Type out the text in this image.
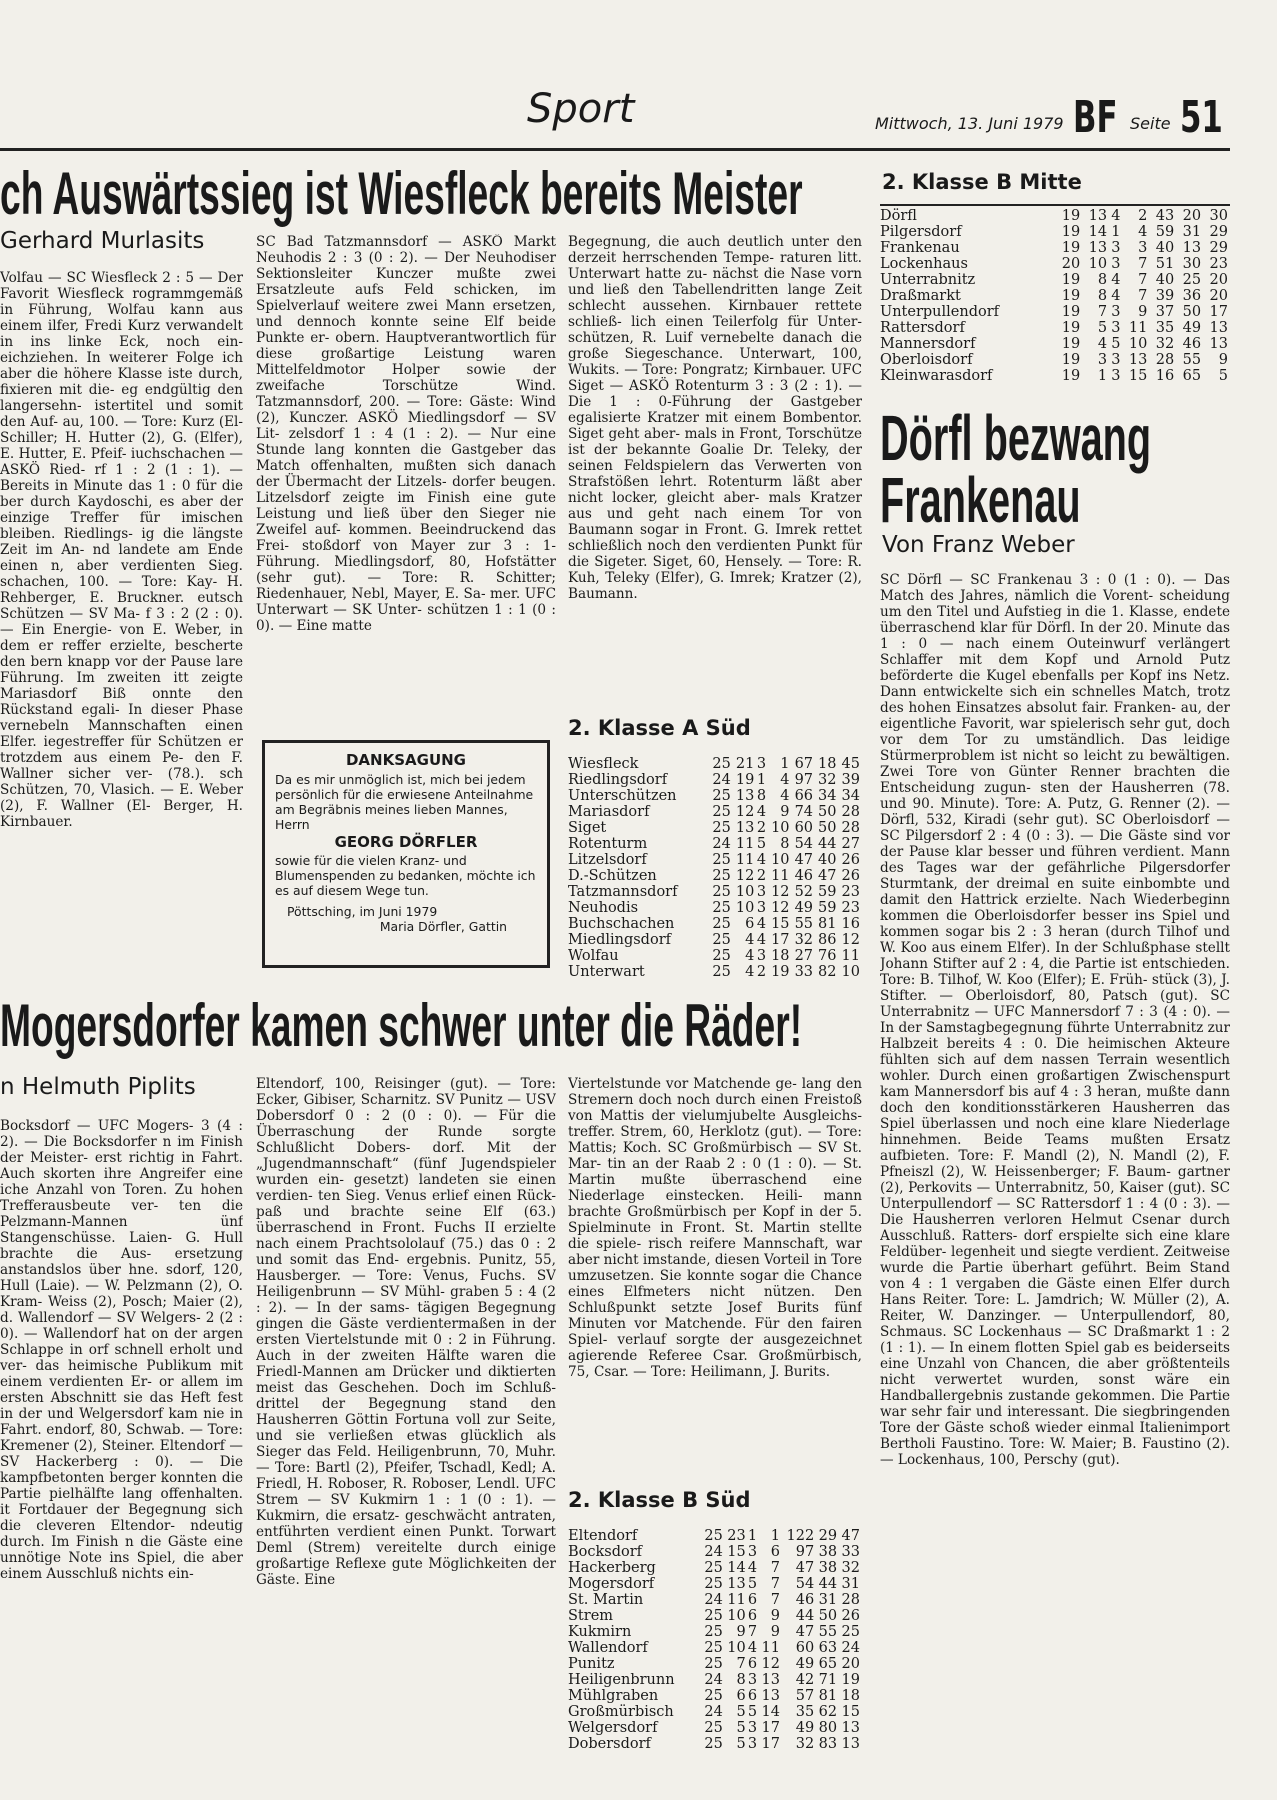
Sport	Mittwoch, 13. Juni 1979 BF Seite 51
ch Auswärtssieg ist Wiesfleck bereits Meister
Gerhard Murlasits

Volfau — SC Wiesfleck 2 : 5 — Der Favorit Wiesfleck rogrammgemäß in Führung, Wolfau kann aus einem ilfer, Fredi Kurz verwandelt in ins linke Eck, noch ein- eichziehen. In weiterer Folge ich aber die höhere Klasse iste durch, fixieren mit die- eg endgültig den langersehn- istertitel und somit den Auf- au, 100. — Tore: Kurz (El- Schiller; H. Hutter (2), G. (Elfer), E. Hutter, E. Pfeif- iuchschachen — ASKÖ Ried- rf 1 : 2 (1 : 1). — Bereits in Minute das 1 : 0 für die ber durch Kaydoschi, es aber der einzige Treffer für imischen bleiben. Riedlings- ig die längste Zeit im An- nd landete am Ende einen n, aber verdienten Sieg. schachen, 100. — Tore: Kay- H. Rehberger, E. Bruckner. eutsch Schützen — SV Ma- f 3 : 2 (2 : 0). — Ein Energie- von E. Weber, in dem er reffer erzielte, bescherte den bern knapp vor der Pause lare Führung. Im zweiten itt zeigte Mariasdorf Biß onnte den Rückstand egali- In dieser Phase vernebeln Mannschaften einen Elfer. iegestreffer für Schützen er trotzdem aus einem Pe- den F. Wallner sicher ver- (78.). sch Schützen, 70, Vlasich. — E. Weber (2), F. Wallner (El- Berger, H. Kirnbauer.

SC Bad Tatzmannsdorf — ASKÖ Markt Neuhodis 2 : 3 (0 : 2). — Der Neuhodiser Sektionsleiter Kunczer mußte zwei Ersatzleute aufs Feld schicken, im Spielverlauf weitere zwei Mann ersetzen, und dennoch konnte seine Elf beide Punkte er- obern. Hauptverantwortlich für diese großartige Leistung waren Mittelfeldmotor Holper sowie der zweifache Torschütze Wind. Tatzmannsdorf, 200. — Tore: Gäste: Wind (2), Kunczer. ASKÖ Miedlingsdorf — SV Lit- zelsdorf 1 : 4 (1 : 2). — Nur eine Stunde lang konnten die Gastgeber das Match offenhalten, mußten sich danach der Übermacht der Litzels- dorfer beugen. Litzelsdorf zeigte im Finish eine gute Leistung und ließ über den Sieger nie Zweifel auf- kommen. Beeindruckend das Frei- stoßdorf von Mayer zur 3 : 1- Führung. Miedlingsdorf, 80, Hofstätter (sehr gut). — Tore: R. Schitter; Riedenhauer, Nebl, Mayer, E. Sa- mer. UFC Unterwart — SK Unter- schützen 1 : 1 (0 : 0). — Eine matte

Begegnung, die auch deutlich unter den derzeit herrschenden Tempe- raturen litt. Unterwart hatte zu- nächst die Nase vorn und ließ den Tabellendritten lange Zeit schlecht aussehen. Kirnbauer rettete schließ- lich einen Teilerfolg für Unter- schützen, R. Luif vernebelte danach die große Siegeschance. Unterwart, 100, Wukits. — Tore: Pongratz; Kirnbauer. UFC Siget — ASKÖ Rotenturm 3 : 3 (2 : 1). — Die 1 : 0-Führung der Gastgeber egalisierte Kratzer mit einem Bombentor. Siget geht aber- mals in Front, Torschütze ist der bekannte Goalie Dr. Teleky, der seinen Feldspielern das Verwerten von Strafstößen lehrt. Rotenturm läßt aber nicht locker, gleicht aber- mals Kratzer aus und geht nach einem Tor von Baumann sogar in Front. G. Imrek rettet schließlich noch den verdienten Punkt für die Sigeter. Siget, 60, Hensely. — Tore: R. Kuh, Teleky (Elfer), G. Imrek; Kratzer (2), Baumann.

DANKSAGUNG
Da es mir unmöglich ist, mich bei jedem persönlich für die erwiesene Anteilnahme am Begräbnis meines lieben Mannes, Herrn
GEORG DÖRFLER
sowie für die vielen Kranz- und Blumenspenden zu bedanken, möchte ich es auf diesem Wege tun.
Pöttsching, im Juni 1979
Maria Dörfler, Gattin
2. Klasse A Süd
Wiesfleck	25	21	3	1	67	18	45
Riedlingsdorf	24	19	1	4	97	32	39
Unterschützen	25	13	8	4	66	34	34
Mariasdorf	25	12	4	9	74	50	28
Siget	25	13	2	10	60	50	28
Rotenturm	24	11	5	8	54	44	27
Litzelsdorf	25	11	4	10	47	40	26
D.-Schützen	25	12	2	11	46	47	26
Tatzmannsdorf	25	10	3	12	52	59	23
Neuhodis	25	10	3	12	49	59	23
Buchschachen	25	6	4	15	55	81	16
Miedlingsdorf	25	4	4	17	32	86	12
Wolfau	25	4	3	18	27	76	11
Unterwart	25	4	2	19	33	82	10
2. Klasse B Mitte
Dörfl	19	13	4	2	43	20	30
Pilgersdorf	19	14	1	4	59	31	29
Frankenau	19	13	3	3	40	13	29
Lockenhaus	20	10	3	7	51	30	23
Unterrabnitz	19	8	4	7	40	25	20
Draßmarkt	19	8	4	7	39	36	20
Unterpullendorf	19	7	3	9	37	50	17
Rattersdorf	19	5	3	11	35	49	13
Mannersdorf	19	4	5	10	32	46	13
Oberloisdorf	19	3	3	13	28	55	9
Kleinwarasdorf	19	1	3	15	16	65	5
Dörfl bezwang
Frankenau
Von Franz Weber

SC Dörfl — SC Frankenau 3 : 0 (1 : 0). — Das Match des Jahres, nämlich die Vorent- scheidung um den Titel und Aufstieg in die 1. Klasse, endete überraschend klar für Dörfl. In der 20. Minute das 1 : 0 — nach einem Outeinwurf verlängert Schlaffer mit dem Kopf und Arnold Putz beförderte die Kugel ebenfalls per Kopf ins Netz. Dann entwickelte sich ein schnelles Match, trotz des hohen Einsatzes absolut fair. Franken- au, der eigentliche Favorit, war spielerisch sehr gut, doch vor dem Tor zu umständlich. Das leidige Stürmerproblem ist nicht so leicht zu bewältigen. Zwei Tore von Günter Renner brachten die Entscheidung zugun- sten der Hausherren (78. und 90. Minute). Tore: A. Putz, G. Renner (2). — Dörfl, 532, Kiradi (sehr gut). SC Oberloisdorf — SC Pilgersdorf 2 : 4 (0 : 3). — Die Gäste sind vor der Pause klar besser und führen verdient. Mann des Tages war der gefährliche Pilgersdorfer Sturmtank, der dreimal en suite einbombte und damit den Hattrick erzielte. Nach Wiederbeginn kommen die Oberloisdorfer besser ins Spiel und kommen sogar bis 2 : 3 heran (durch Tilhof und W. Koo aus einem Elfer). In der Schlußphase stellt Johann Stifter auf 2 : 4, die Partie ist entschieden. Tore: B. Tilhof, W. Koo (Elfer); E. Früh- stück (3), J. Stifter. — Oberloisdorf, 80, Patsch (gut). SC Unterrabnitz — UFC Mannersdorf 7 : 3 (4 : 0). — In der Samstagbegegnung führte Unterrabnitz zur Halbzeit bereits 4 : 0. Die heimischen Akteure fühlten sich auf dem nassen Terrain wesentlich wohler. Durch einen großartigen Zwischenspurt kam Mannersdorf bis auf 4 : 3 heran, mußte dann doch den konditionsstärkeren Hausherren das Spiel überlassen und noch eine klare Niederlage hinnehmen. Beide Teams mußten Ersatz aufbieten. Tore: F. Mandl (2), N. Mandl (2), F. Pfneiszl (2), W. Heissenberger; F. Baum- gartner (2), Perkovits — Unterrabnitz, 50, Kaiser (gut). SC Unterpullendorf — SC Rattersdorf 1 : 4 (0 : 3). — Die Hausherren verloren Helmut Csenar durch Ausschluß. Ratters- dorf erspielte sich eine klare Feldüber- legenheit und siegte verdient. Zeitweise wurde die Partie überhart geführt. Beim Stand von 4 : 1 vergaben die Gäste einen Elfer durch Hans Reiter. Tore: L. Jamdrich; W. Müller (2), A. Reiter, W. Danzinger. — Unterpullendorf, 80, Schmaus. SC Lockenhaus — SC Draßmarkt 1 : 2 (1 : 1). — In einem flotten Spiel gab es beiderseits eine Unzahl von Chancen, die aber größtenteils nicht verwertet wurden, sonst wäre ein Handballergebnis zustande gekommen. Die Partie war sehr fair und interessant. Die siegbringenden Tore der Gäste schoß wieder einmal Italienimport Bertholi Faustino. Tore: W. Maier; B. Faustino (2). — Lockenhaus, 100, Perschy (gut).

Mogersdorfer kamen schwer unter die Räder!
n Helmuth Piplits

Bocksdorf — UFC Mogers- 3 (4 : 2). — Die Bocksdorfer n im Finish der Meister- erst richtig in Fahrt. Auch skorten ihre Angreifer eine iche Anzahl von Toren. Zu hohen Trefferausbeute ver- ten die Pelzmann-Mannen ünf Stangenschüsse. Laien- G. Hull brachte die Aus- ersetzung anstandslos über hne. sdorf, 120, Hull (Laie). — W. Pelzmann (2), O. Kram- Weiss (2), Posch; Maier (2), d. Wallendorf — SV Welgers- 2 (2 : 0). — Wallendorf hat on der argen Schlappe in orf schnell erholt und ver- das heimische Publikum mit einem verdienten Er- or allem im ersten Abschnitt sie das Heft fest in der und Welgersdorf kam nie in Fahrt. endorf, 80, Schwab. — Tore: Kremener (2), Steiner. Eltendorf — SV Hackerberg : 0). — Die kampfbetonten berger konnten die Partie pielhälfte lang offenhalten. it Fortdauer der Begegnung sich die cleveren Eltendor- ndeutig durch. Im Finish n die Gäste eine unnötige Note ins Spiel, die aber einem Ausschluß nichts ein-

Eltendorf, 100, Reisinger (gut). — Tore: Ecker, Gibiser, Scharnitz. SV Punitz — USV Dobersdorf 0 : 2 (0 : 0). — Für die Überraschung der Runde sorgte Schlußlicht Dobers- dorf. Mit der „Jugendmannschaft“ (fünf Jugendspieler wurden ein- gesetzt) landeten sie einen verdien- ten Sieg. Venus erlief einen Rück- paß und brachte seine Elf (63.) überraschend in Front. Fuchs II erzielte nach einem Prachtsololauf (75.) das 0 : 2 und somit das End- ergebnis. Punitz, 55, Hausberger. — Tore: Venus, Fuchs. SV Heiligenbrunn — SV Mühl- graben 5 : 4 (2 : 2). — In der sams- tägigen Begegnung gingen die Gäste verdientermaßen in der ersten Viertelstunde mit 0 : 2 in Führung. Auch in der zweiten Hälfte waren die Friedl-Mannen am Drücker und diktierten meist das Geschehen. Doch im Schluß- drittel der Begegnung stand den Hausherren Göttin Fortuna voll zur Seite, und sie verließen etwas glücklich als Sieger das Feld. Heiligenbrunn, 70, Muhr. — Tore: Bartl (2), Pfeifer, Tschadl, Kedl; A. Friedl, H. Roboser, R. Roboser, Lendl. UFC Strem — SV Kukmirn 1 : 1 (0 : 1). — Kukmirn, die ersatz- geschwächt antraten, entführten verdient einen Punkt. Torwart Deml (Strem) vereitelte durch einige großartige Reflexe gute Möglichkeiten der Gäste. Eine

Viertelstunde vor Matchende ge- lang den Stremern doch noch durch einen Freistoß von Mattis der vielumjubelte Ausgleichs- treffer. Strem, 60, Herklotz (gut). — Tore: Mattis; Koch. SC Großmürbisch — SV St. Mar- tin an der Raab 2 : 0 (1 : 0). — St. Martin mußte überraschend eine Niederlage einstecken. Heili- mann brachte Großmürbisch per Kopf in der 5. Spielminute in Front. St. Martin stellte die spiele- risch reifere Mannschaft, war aber nicht imstande, diesen Vorteil in Tore umzusetzen. Sie konnte sogar die Chance eines Elfmeters nicht nützen. Den Schlußpunkt setzte Josef Burits fünf Minuten vor Matchende. Für den fairen Spiel- verlauf sorgte der ausgezeichnet agierende Referee Csar. Großmürbisch, 75, Csar. — Tore: Heilimann, J. Burits.

2. Klasse B Süd
Eltendorf	25	23	1	1	122	29	47
Bocksdorf	24	15	3	6	97	38	33
Hackerberg	25	14	4	7	47	38	32
Mogersdorf	25	13	5	7	54	44	31
St. Martin	24	11	6	7	46	31	28
Strem	25	10	6	9	44	50	26
Kukmirn	25	9	7	9	47	55	25
Wallendorf	25	10	4	11	60	63	24
Punitz	25	7	6	12	49	65	20
Heiligenbrunn	24	8	3	13	42	71	19
Mühlgraben	25	6	6	13	57	81	18
Großmürbisch	24	5	5	14	35	62	15
Welgersdorf	25	5	3	17	49	80	13
Dobersdorf	25	5	3	17	32	83	13
